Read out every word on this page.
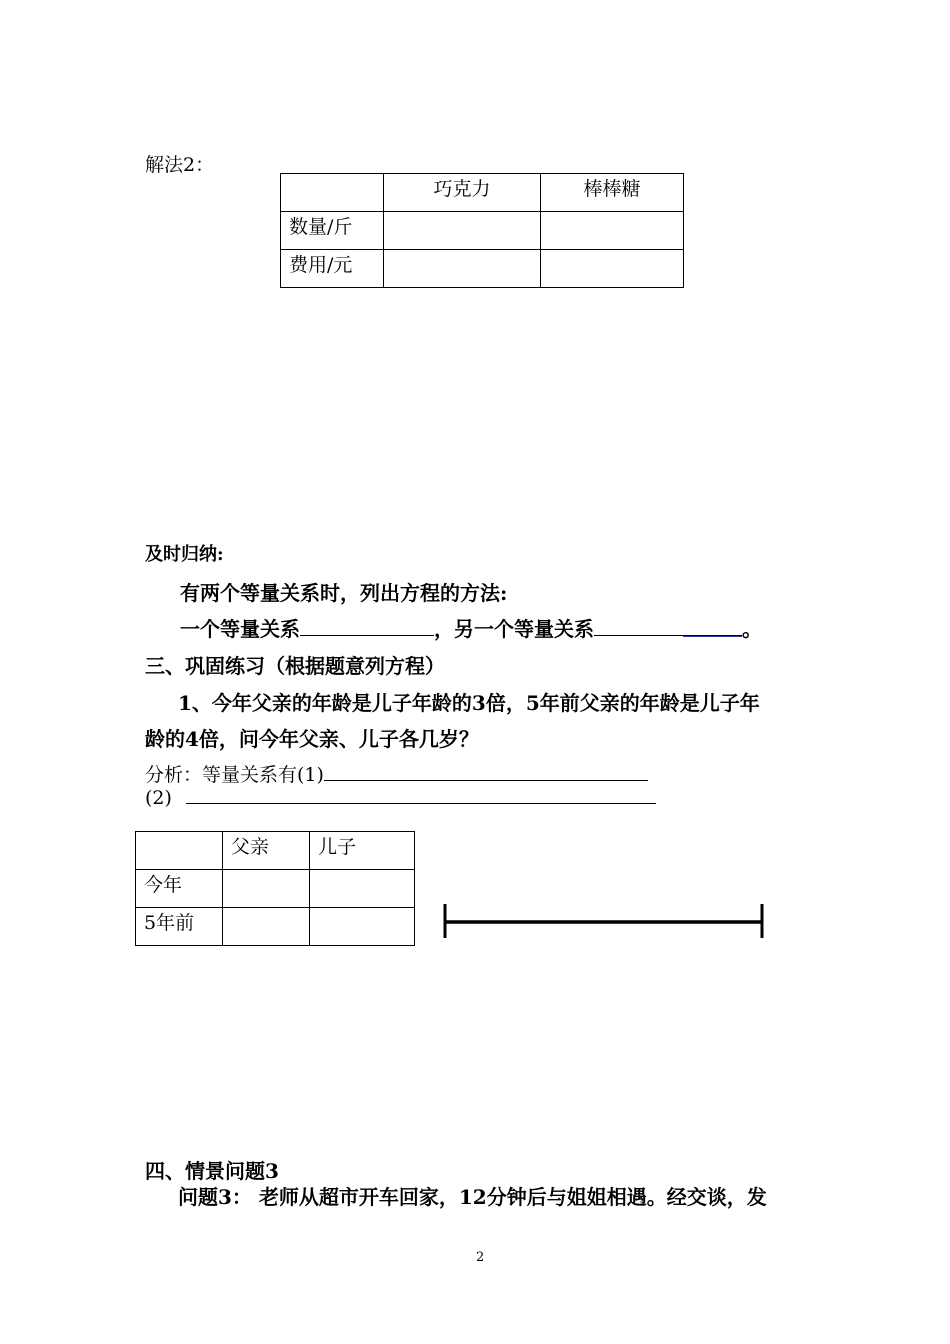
解法2：
	巧克力	棒棒糖
数量/斤		
费用/元		
及时归纳:
有两个等量关系时，列出方程的方法:
一个等量关系	，另一个等量关系	。
三、巩固练习（根据题意列方程）
1、今年父亲的年龄是儿子年龄的3倍，5年前父亲的年龄是儿子年
龄的4倍，问今年父亲、儿子各几岁？
分析：等量关系有(1)
(2)
	父亲	儿子
今年		
5年前		
四、情景问题3
问题3： 老师从超市开车回家，12分钟后与姐姐相遇。经交谈，发
2
